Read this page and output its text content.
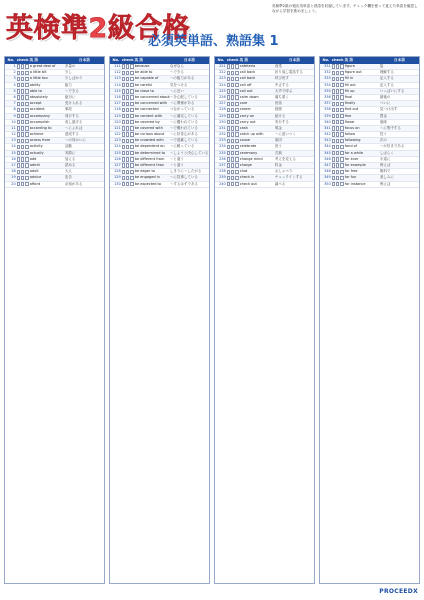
英検準2級合格
必須英単語、熟語集 1
英検準2級の頻出英単語と熟語を収録しています。チェック欄を使って覚えた単語を確認しながら学習を進めましょう。
No. check 英 語	日本語
1	a great deal of	多量の
2	a little bit	少し
3	a little too	少しばかり
4	ability	能力
5	able to	〜できる
6	absolutely	絶対に
7	accept	受け入れる
8	accident	事故
9	accompany	同行する
10	accomplish	成し遂げる
11	according to	〜によれば
12	achieve	達成する
13	across from	〜の向かいに
14	activity	活動
15	actually	実際に
16	add	加える
17	admit	認める
18	adult	大人
19	advice	忠告
20	afford	余裕がある
No. check 英 語	日本語
111	because	なぜなら
112	be able to	〜できる
113	be capable of	〜の能力がある
114	be careful	気をつける
115	be close to	〜に近い
116	be concerned about 〜を心配している
117	be concerned with 〜に関係がある
118	be connected	つながっている
119	be content with	〜に満足している
120	be covered by	〜に覆われている
121	be covered with	〜で覆われている
122	be curious about	〜に好奇心がある
123	be crowded with	〜で混雑している
124	be dependent on	〜に頼っている
125	be determined to	〜しようと決心している
126	be different from	〜と違う
127	be different than	〜と違う
128	be eager to	しきりに〜したがる
129	be engaged in	〜に従事している
130	be expected to	〜するはずである
No. check 英 語	日本語
221	cafeteria	食堂
222	call back	折り返し電話する
223	call back	呼び戻す
224	call off	中止する
225	call out	大声で呼ぶ
226	calm down	落ち着く
227	care	世話
228	career	経歴
229	carry on	続ける
230	carry out	実行する
231	cash	現金
232	catch up with	〜に追いつく
233	cause	原因
234	celebrate	祝う
235	ceremony	式典
236	change mind	考えを変える
237	charge	料金
238	chat	おしゃべり
239	check in	チェックインする
240	check out	調べる
No. check 英 語	日本語
331	figure	姿
332	figure out	理解する
333	fill in	記入する
334	fill out	記入する
335	fill up	いっぱいにする
336	final	最後の
337	finally	ついに
338	find out	見つけ出す
339	fine	罰金
340	flavor	風味
341	focus on	〜に集中する
342	follow	従う
343	following	次の
344	fond of	〜が好きである
345	for a while	しばらく
346	for ever	永遠に
347	for example	例えば
348	for free	無料で
349	for fun	楽しみに
350	for instance	例えば
PROCEEDX
